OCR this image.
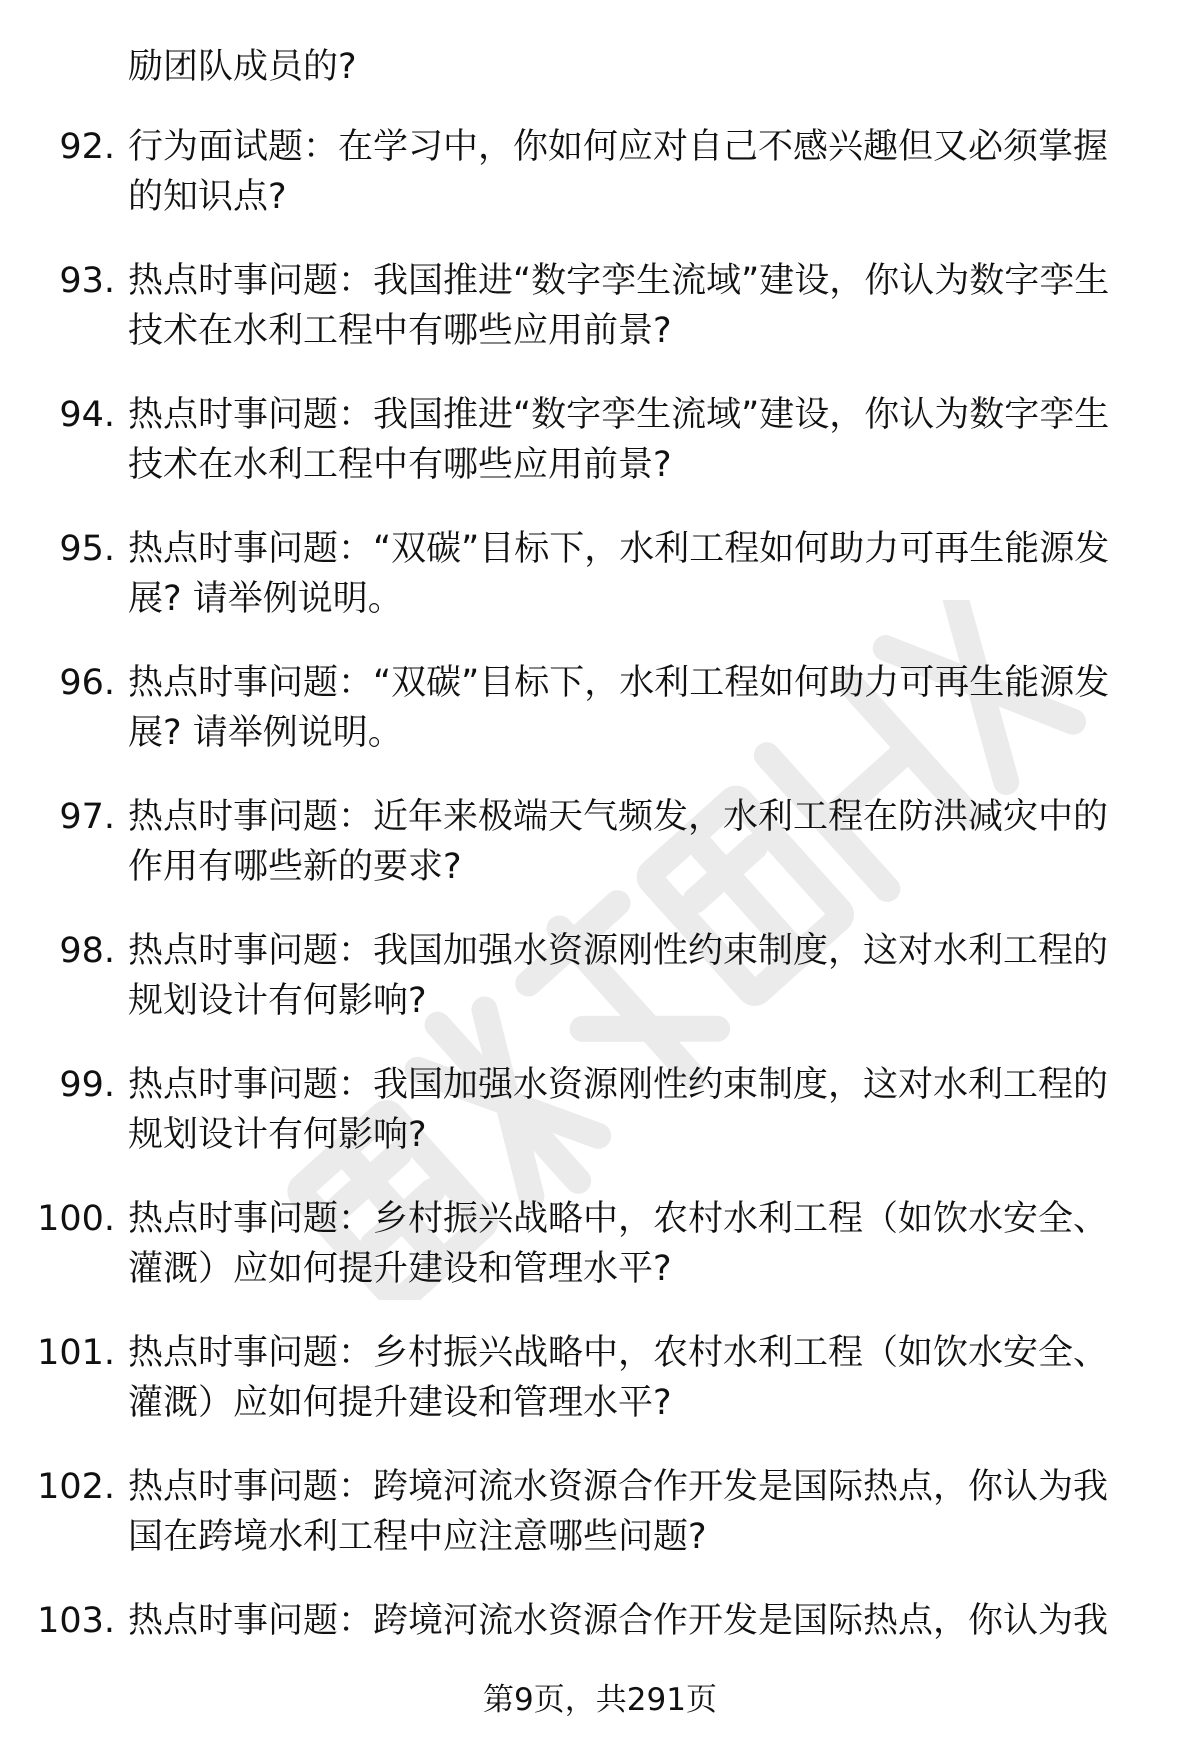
励团队成员的?
92. 行为面试题：在学习中，你如何应对自己不感兴趣但又必须掌握的知识点?
93. 热点时事问题：我国推进“数字孪生流域”建设，你认为数字孪生技术在水利工程中有哪些应用前景?
94. 热点时事问题：我国推进“数字孪生流域”建设，你认为数字孪生技术在水利工程中有哪些应用前景?
95. 热点时事问题：“双碳”目标下，水利工程如何助力可再生能源发展? 请举例说明。
96. 热点时事问题：“双碳”目标下，水利工程如何助力可再生能源发展? 请举例说明。
97. 热点时事问题：近年来极端天气频发，水利工程在防洪减灾中的作用有哪些新的要求?
98. 热点时事问题：我国加强水资源刚性约束制度，这对水利工程的规划设计有何影响?
99. 热点时事问题：我国加强水资源刚性约束制度，这对水利工程的规划设计有何影响?
100. 热点时事问题：乡村振兴战略中，农村水利工程（如饮水安全、灌溉）应如何提升建设和管理水平?
101. 热点时事问题：乡村振兴战略中，农村水利工程（如饮水安全、灌溉）应如何提升建设和管理水平?
102. 热点时事问题：跨境河流水资源合作开发是国际热点，你认为我国在跨境水利工程中应注意哪些问题?
103. 热点时事问题：跨境河流水资源合作开发是国际热点，你认为我
第9页，共291页
